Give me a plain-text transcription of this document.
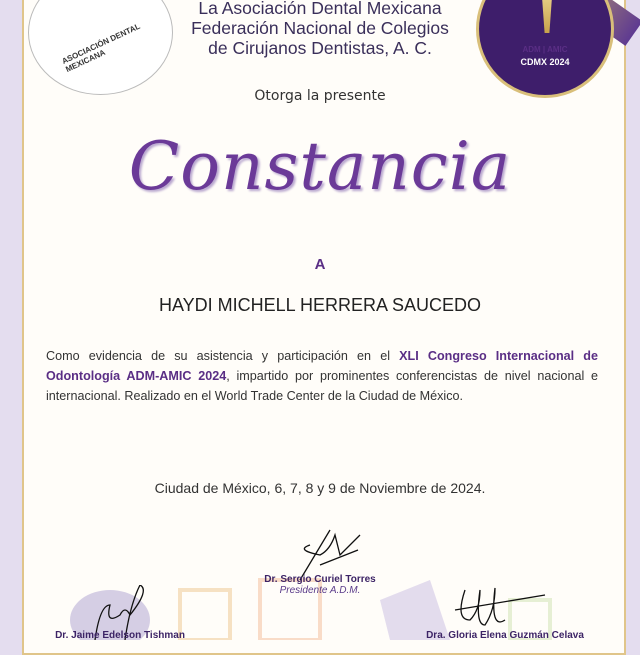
ASOCIACIÓN DENTAL MEXICANA	ADM | AMIC
CDMX 2024
La Asociación Dental Mexicana
Federación Nacional de Colegios
de Cirujanos Dentistas, A. C.
Otorga la presente
Constancia
A
HAYDI MICHELL HERRERA SAUCEDO
Como evidencia de su asistencia y participación en el XLI Congreso Internacional de Odontología ADM-AMIC 2024, impartido por prominentes conferencistas de nivel nacional e internacional. Realizado en el World Trade Center de la Ciudad de México.
Ciudad de México, 6, 7, 8 y 9 de Noviembre de 2024.
Dr. Sergio Curiel Torres
Presidente A.D.M.
Dr. Jaime Edelson Tishman	Dra. Gloria Elena Guzmán Celava
